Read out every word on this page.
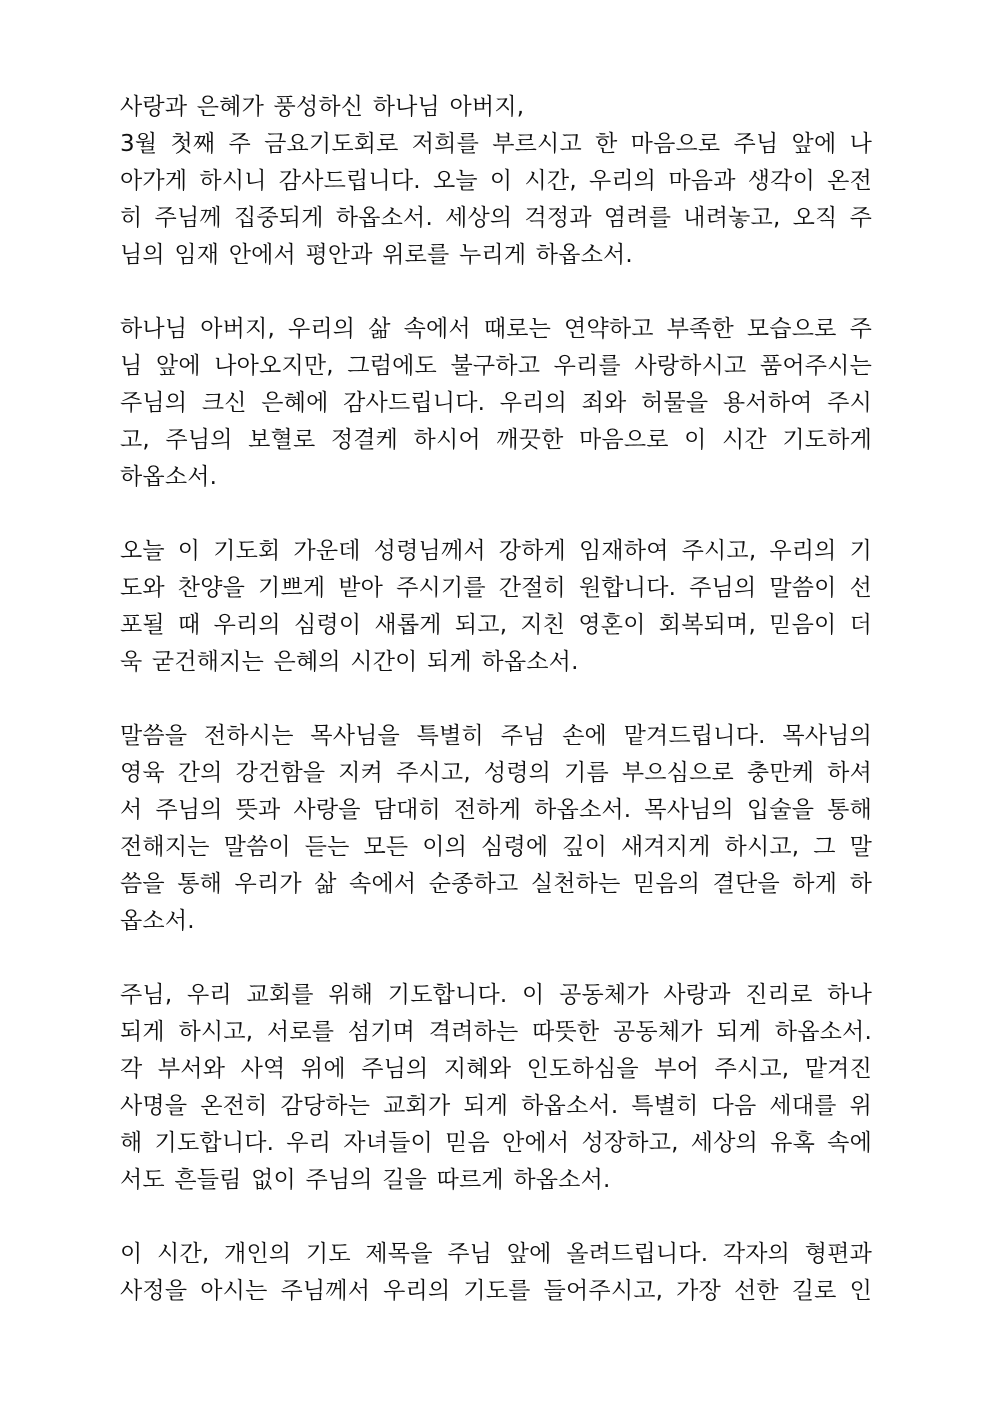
사랑과 은혜가 풍성하신 하나님 아버지,
3월 첫째 주 금요기도회로 저희를 부르시고 한 마음으로 주님 앞에 나
아가게 하시니 감사드립니다. 오늘 이 시간, 우리의 마음과 생각이 온전
히 주님께 집중되게 하옵소서. 세상의 걱정과 염려를 내려놓고, 오직 주
님의 임재 안에서 평안과 위로를 누리게 하옵소서.
하나님 아버지, 우리의 삶 속에서 때로는 연약하고 부족한 모습으로 주
님 앞에 나아오지만, 그럼에도 불구하고 우리를 사랑하시고 품어주시는
주님의 크신 은혜에 감사드립니다. 우리의 죄와 허물을 용서하여 주시
고, 주님의 보혈로 정결케 하시어 깨끗한 마음으로 이 시간 기도하게
하옵소서.
오늘 이 기도회 가운데 성령님께서 강하게 임재하여 주시고, 우리의 기
도와 찬양을 기쁘게 받아 주시기를 간절히 원합니다. 주님의 말씀이 선
포될 때 우리의 심령이 새롭게 되고, 지친 영혼이 회복되며, 믿음이 더
욱 굳건해지는 은혜의 시간이 되게 하옵소서.
말씀을 전하시는 목사님을 특별히 주님 손에 맡겨드립니다. 목사님의
영육 간의 강건함을 지켜 주시고, 성령의 기름 부으심으로 충만케 하셔
서 주님의 뜻과 사랑을 담대히 전하게 하옵소서. 목사님의 입술을 통해
전해지는 말씀이 듣는 모든 이의 심령에 깊이 새겨지게 하시고, 그 말
씀을 통해 우리가 삶 속에서 순종하고 실천하는 믿음의 결단을 하게 하
옵소서.
주님, 우리 교회를 위해 기도합니다. 이 공동체가 사랑과 진리로 하나
되게 하시고, 서로를 섬기며 격려하는 따뜻한 공동체가 되게 하옵소서.
각 부서와 사역 위에 주님의 지혜와 인도하심을 부어 주시고, 맡겨진
사명을 온전히 감당하는 교회가 되게 하옵소서. 특별히 다음 세대를 위
해 기도합니다. 우리 자녀들이 믿음 안에서 성장하고, 세상의 유혹 속에
서도 흔들림 없이 주님의 길을 따르게 하옵소서.
이 시간, 개인의 기도 제목을 주님 앞에 올려드립니다. 각자의 형편과
사정을 아시는 주님께서 우리의 기도를 들어주시고, 가장 선한 길로 인
